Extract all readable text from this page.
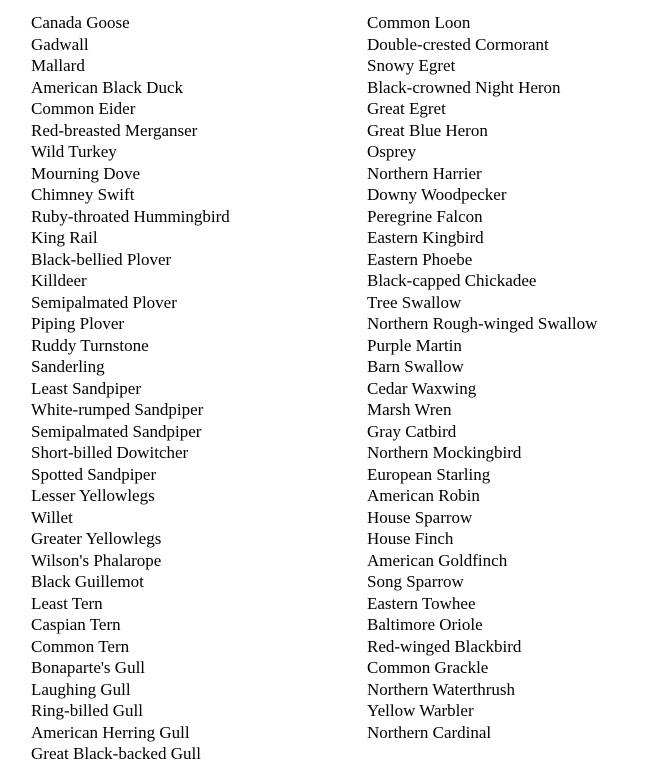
Canada Goose
Gadwall
Mallard
American Black Duck
Common Eider
Red-breasted Merganser
Wild Turkey
Mourning Dove
Chimney Swift
Ruby-throated Hummingbird
King Rail
Black-bellied Plover
Killdeer
Semipalmated Plover
Piping Plover
Ruddy Turnstone
Sanderling
Least Sandpiper
White-rumped Sandpiper
Semipalmated Sandpiper
Short-billed Dowitcher
Spotted Sandpiper
Lesser Yellowlegs
Willet
Greater Yellowlegs
Wilson's Phalarope
Black Guillemot
Least Tern
Caspian Tern
Common Tern
Bonaparte's Gull
Laughing Gull
Ring-billed Gull
American Herring Gull
Great Black-backed Gull
Common Loon
Double-crested Cormorant
Snowy Egret
Black-crowned Night Heron
Great Egret
Great Blue Heron
Osprey
Northern Harrier
Downy Woodpecker
Peregrine Falcon
Eastern Kingbird
Eastern Phoebe
Black-capped Chickadee
Tree Swallow
Northern Rough-winged Swallow
Purple Martin
Barn Swallow
Cedar Waxwing
Marsh Wren
Gray Catbird
Northern Mockingbird
European Starling
American Robin
House Sparrow
House Finch
American Goldfinch
Song Sparrow
Eastern Towhee
Baltimore Oriole
Red-winged Blackbird
Common Grackle
Northern Waterthrush
Yellow Warbler
Northern Cardinal
